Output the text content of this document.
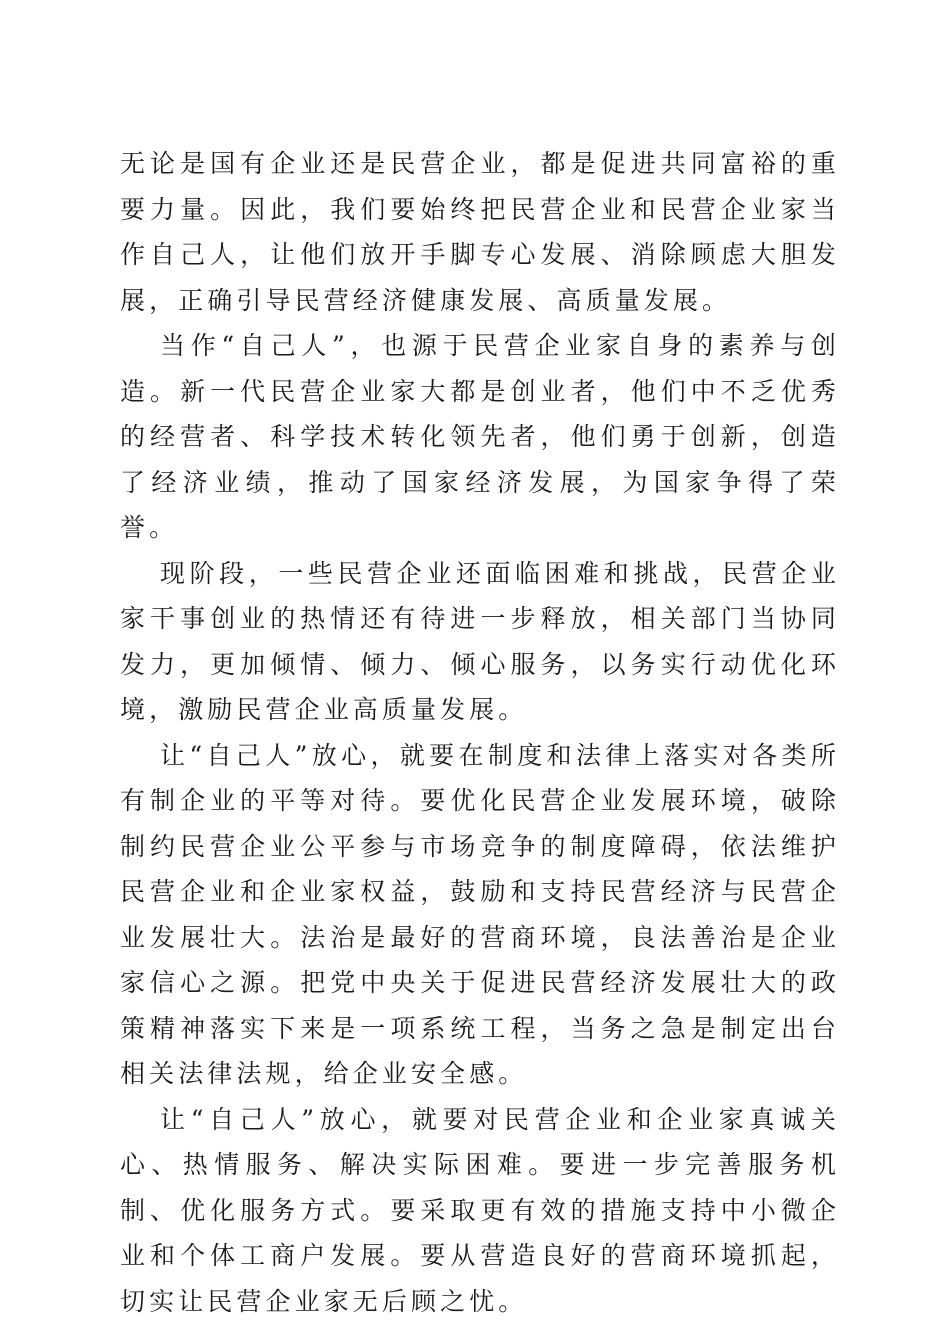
无论是国有企业还是民营企业，都是促进共同富裕的重要力量。因此，我们要始终把民营企业和民营企业家当作自己人，让他们放开手脚专心发展、消除顾虑大胆发展，正确引导民营经济健康发展、高质量发展。

当作“自己人”，也源于民营企业家自身的素养与创造。新一代民营企业家大都是创业者，他们中不乏优秀的经营者、科学技术转化领先者，他们勇于创新，创造了经济业绩，推动了国家经济发展，为国家争得了荣誉。

现阶段，一些民营企业还面临困难和挑战，民营企业家干事创业的热情还有待进一步释放，相关部门当协同发力，更加倾情、倾力、倾心服务，以务实行动优化环境，激励民营企业高质量发展。

让“自己人”放心，就要在制度和法律上落实对各类所有制企业的平等对待。要优化民营企业发展环境，破除制约民营企业公平参与市场竞争的制度障碍，依法维护民营企业和企业家权益，鼓励和支持民营经济与民营企业发展壮大。法治是最好的营商环境，良法善治是企业家信心之源。把党中央关于促进民营经济发展壮大的政策精神落实下来是一项系统工程，当务之急是制定出台相关法律法规，给企业安全感。

让“自己人”放心，就要对民营企业和企业家真诚关心、热情服务、解决实际困难。要进一步完善服务机制、优化服务方式。要采取更有效的措施支持中小微企业和个体工商户发展。要从营造良好的营商环境抓起，切实让民营企业家无后顾之忧。
